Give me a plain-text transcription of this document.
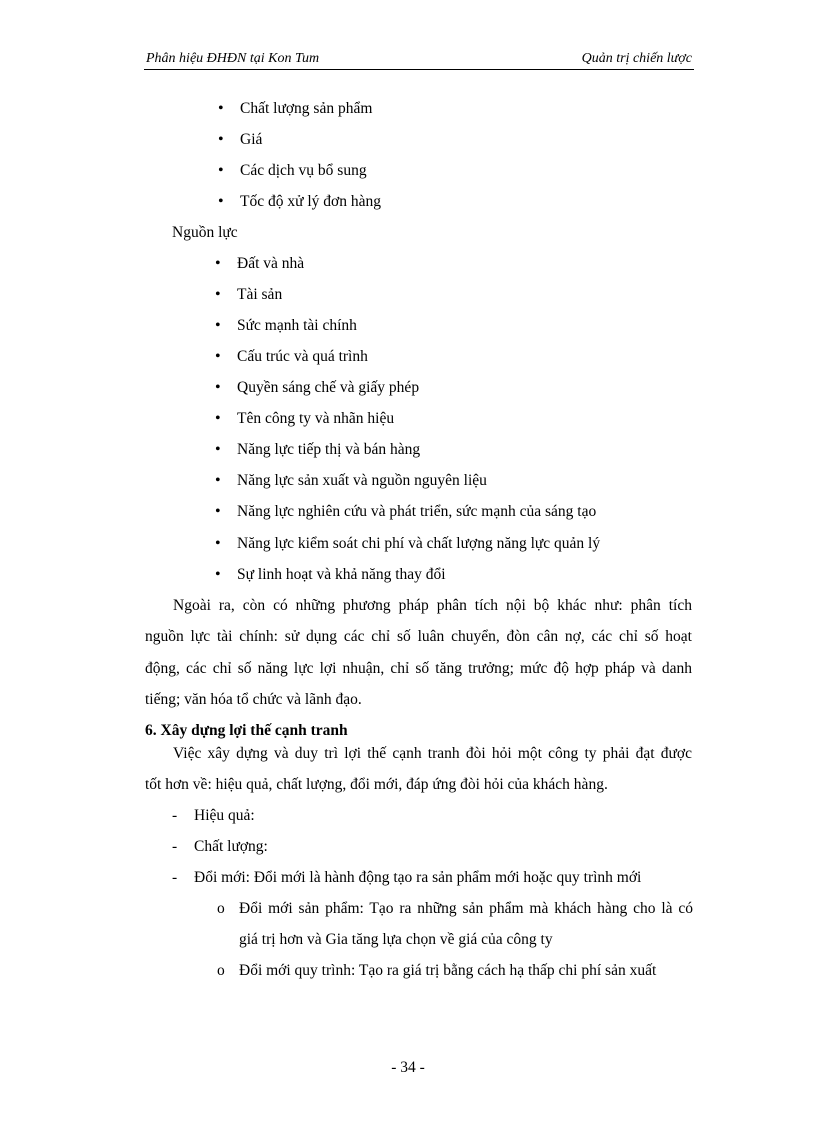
Phân hiệu ĐHĐN tại Kon Tum	Quản trị chiến lược
•Chất lượng sản phẩm
•Giá
•Các dịch vụ bổ sung
•Tốc độ xử lý đơn hàng
Nguồn lực
•Đất và nhà
•Tài sản
•Sức mạnh tài chính
•Cấu trúc và quá trình
•Quyền sáng chế và giấy phép
•Tên công ty và nhãn hiệu
•Năng lực tiếp thị và bán hàng
•Năng lực sản xuất và nguồn nguyên liệu
•Năng lực nghiên cứu và phát triển, sức mạnh của sáng tạo
•Năng lực kiểm soát chi phí và chất lượng năng lực quản lý
•Sự linh hoạt và khả năng thay đổi
Ngoài ra, còn có những phương pháp phân tích nội bộ khác như: phân tích
nguồn lực tài chính: sử dụng các chỉ số luân chuyển, đòn cân nợ, các chỉ số hoạt
động, các chỉ số năng lực lợi nhuận, chỉ số tăng trưởng; mức độ hợp pháp và danh
tiếng; văn hóa tổ chức và lãnh đạo.
6. Xây dựng lợi thế cạnh tranh
Việc xây dựng và duy trì lợi thế cạnh tranh đòi hỏi một công ty phải đạt được
tốt hơn về: hiệu quả, chất lượng, đổi mới, đáp ứng đòi hỏi của khách hàng.
- Hiệu quả:
- Chất lượng:
- Đổi mới: Đổi mới là hành động tạo ra sản phẩm mới hoặc quy trình mới
o Đổi mới sản phẩm: Tạo ra những sản phẩm mà khách hàng cho là có
giá trị hơn và Gia tăng lựa chọn về giá của công ty
o Đổi mới quy trình: Tạo ra giá trị bằng cách hạ thấp chi phí sản xuất
- 34 -
